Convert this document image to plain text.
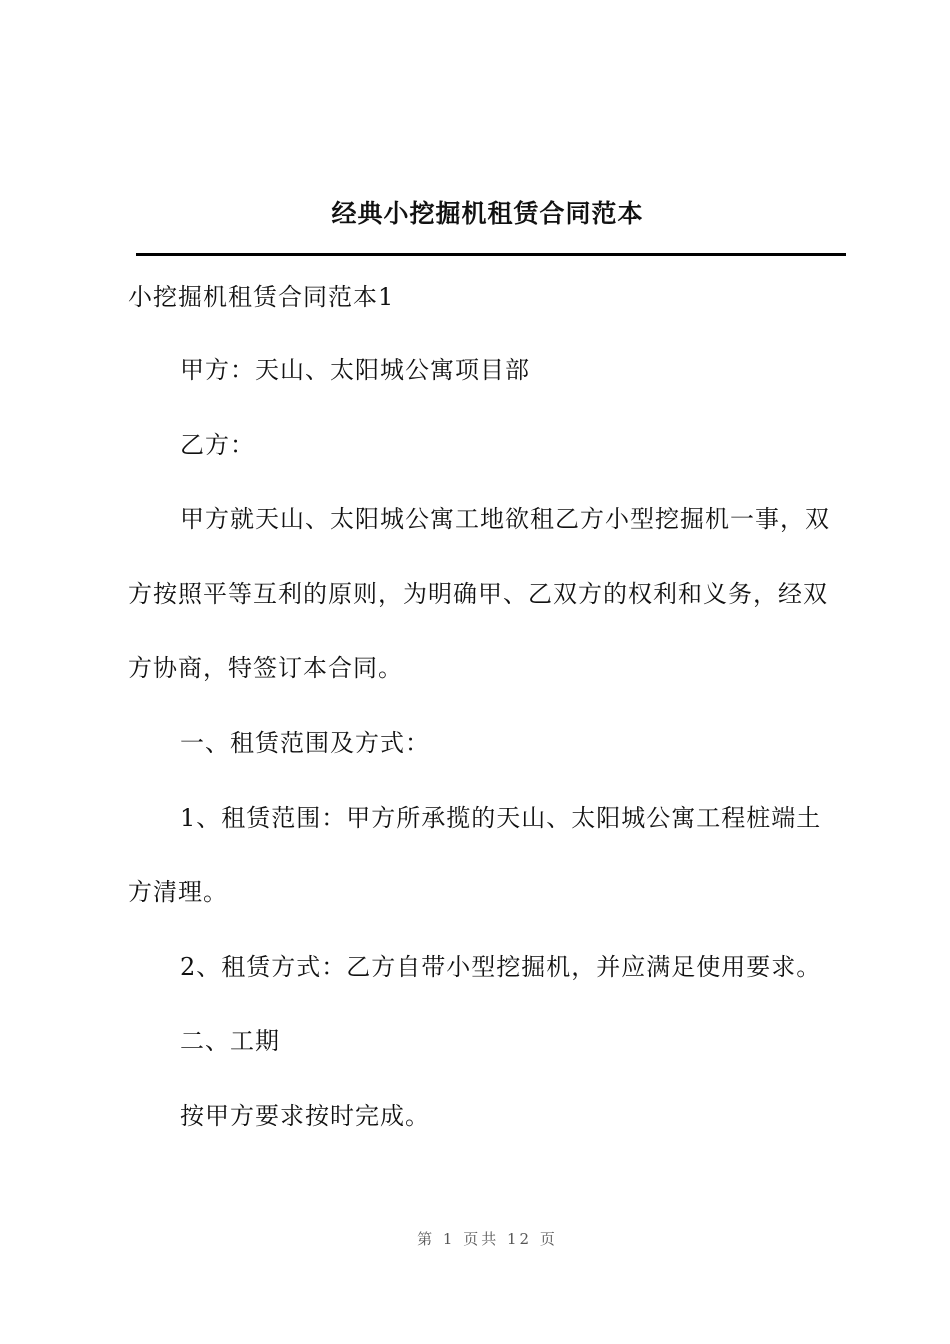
经典小挖掘机租赁合同范本
小挖掘机租赁合同范本1
甲方：天山、太阳城公寓项目部
乙方：
甲方就天山、太阳城公寓工地欲租乙方小型挖掘机一事，双
方按照平等互利的原则，为明确甲、乙双方的权利和义务，经双
方协商，特签订本合同。
一、租赁范围及方式：
1、租赁范围：甲方所承揽的天山、太阳城公寓工程桩端土
方清理。
2、租赁方式：乙方自带小型挖掘机，并应满足使用要求。
二、工期
按甲方要求按时完成。
第 1 页共 12 页
